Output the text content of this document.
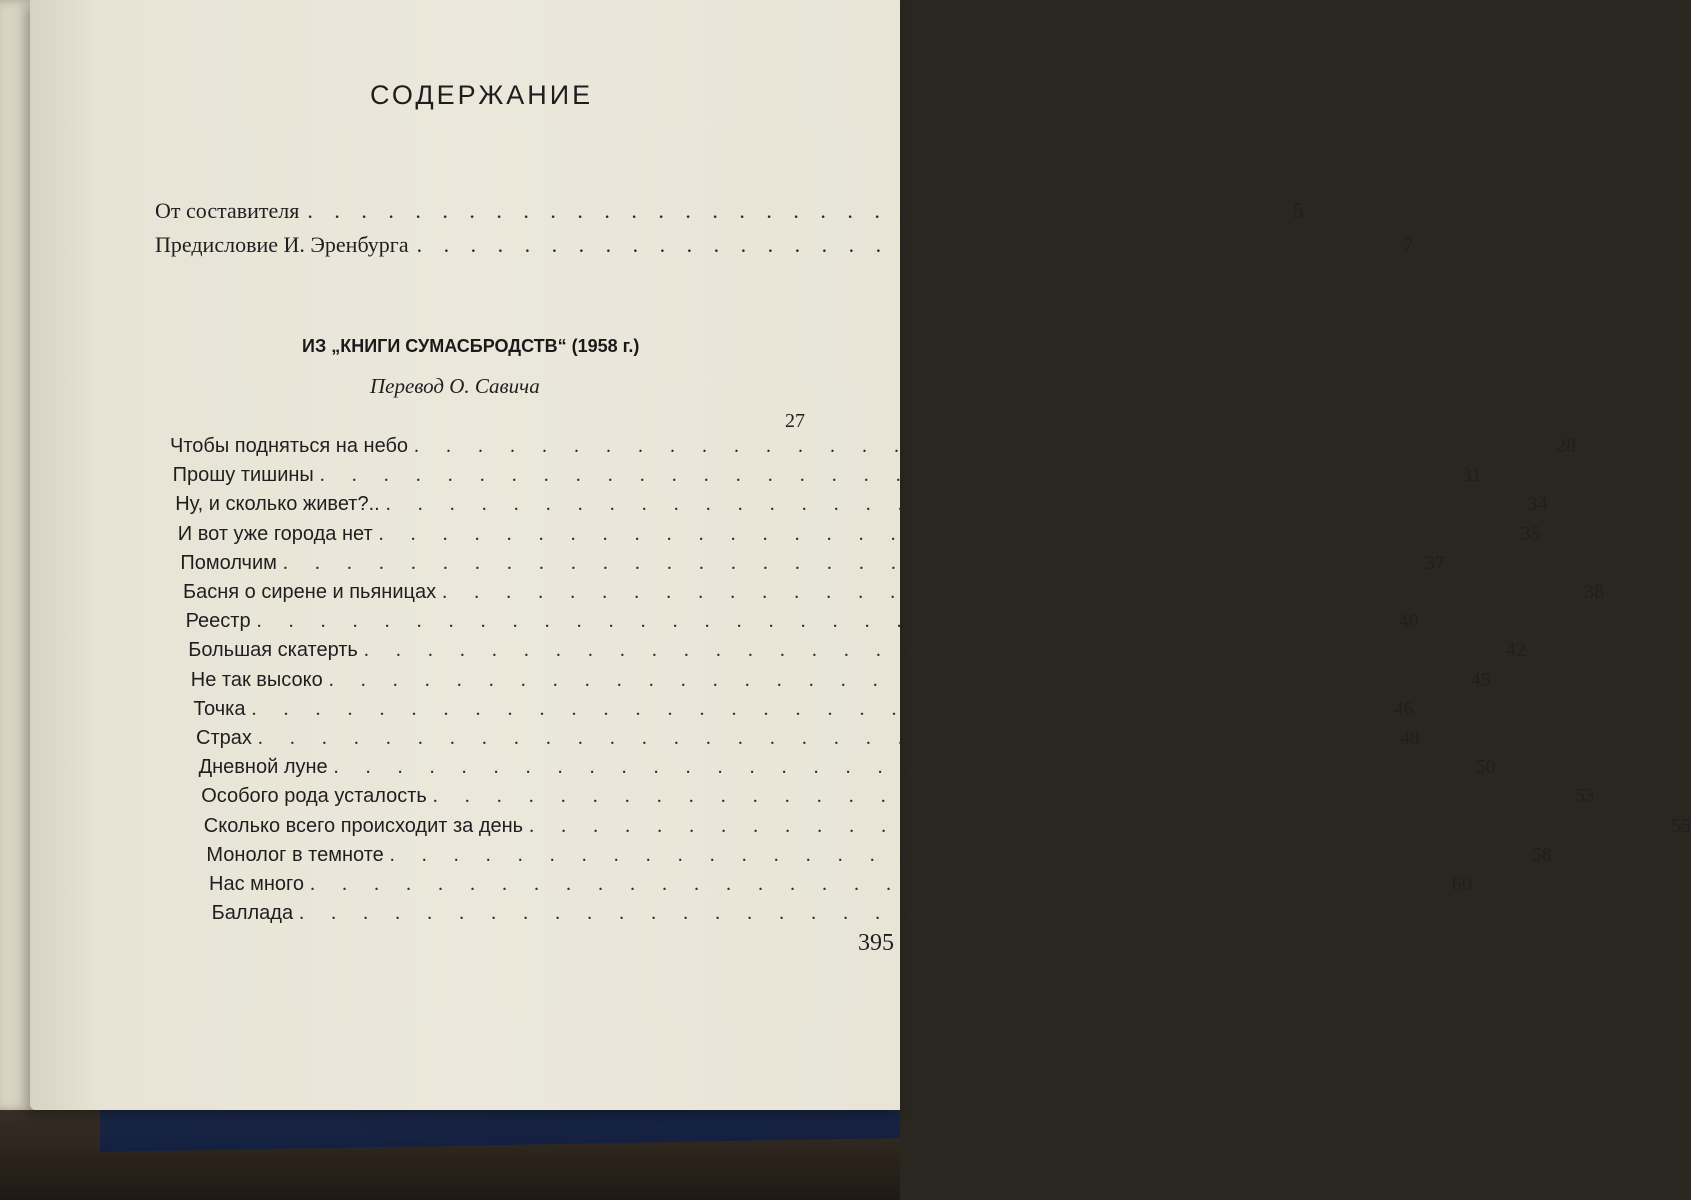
СОДЕРЖАНИЕ
От составителя . . . . . . . . . . . . . . . . . . . . . . . . . . . . . . . . . . . .	5
Предисловие И. Эренбурга . . . . . . . . . . . . . . . . . . . . . . . . . . . . . . . . . . . .	7
ИЗ „КНИГИ СУМАСБРОДСТВ“ (1958 г.)
Перевод О. Савича
27
Чтобы подняться на небо . . . . . . . . . . . . . . . . . . . . . . . . . . . . . . . . . . . . 28
Прошу тишины . . . . . . . . . . . . . . . . . . . . . . . . . . . . . . . . . . . . 31
Ну, и сколько живет?.. . . . . . . . . . . . . . . . . . . . . . . . . . . . . . . . . . . . . 34
И вот уже города нет . . . . . . . . . . . . . . . . . . . . . . . . . . . . . . . . . . . . 35
Помолчим . . . . . . . . . . . . . . . . . . . . . . . . . . . . . . . . . . . . 37
Басня о сирене и пьяницах . . . . . . . . . . . . . . . . . . . . . . . . . . . . . . . . . . . . 38
Реестр . . . . . . . . . . . . . . . . . . . . . . . . . . . . . . . . . . . . 40
Большая скатерть . . . . . . . . . . . . . . . . . . . . . . . . . . . . . . . . . . . . 42
Не так высоко . . . . . . . . . . . . . . . . . . . . . . . . . . . . . . . . . . . . 45
Точка . . . . . . . . . . . . . . . . . . . . . . . . . . . . . . . . . . . . 46
Страх . . . . . . . . . . . . . . . . . . . . . . . . . . . . . . . . . . . . 48
Дневной луне . . . . . . . . . . . . . . . . . . . . . . . . . . . . . . . . . . . . 50
Особого рода усталость . . . . . . . . . . . . . . . . . . . . . . . . . . . . . . . . . . . . 53
Сколько всего происходит за день . . . . . . . . . . . . . . . . . . . . . . . . . . . . . . . . . . . . 55
Монолог в темноте . . . . . . . . . . . . . . . . . . . . . . . . . . . . . . . . . . . . 58
Нас много . . . . . . . . . . . . . . . . . . . . . . . . . . . . . . . . . . . . 60
Баллада . . . . . . . . . . . . . . . . . . . . . . . . . . . . . . . . . . . .
395
